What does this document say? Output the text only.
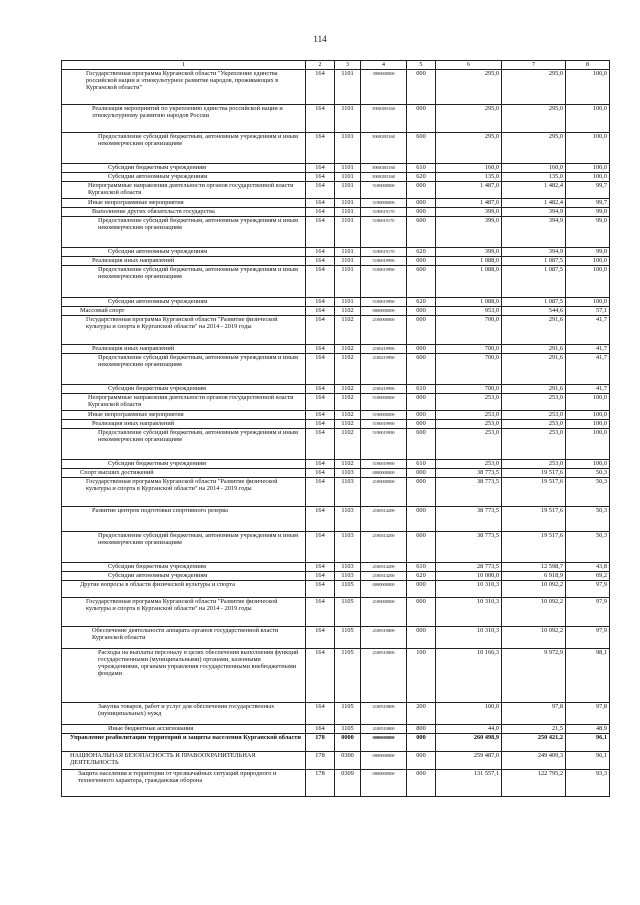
114
1	2	3	4	5	6	7	8
Государственная программа Курганской области "Укрепление единства российской нации и этнокультурное развитие народов, проживающих в Курганской области"	164	1101	3900000000	000	295,0	295,0	100,0
Реализация мероприятий по укреплению единства российской нации и этнокультурному развитию народов России	164	1101	39001R5160	000	295,0	295,0	100,0
Предоставление субсидий бюджетным, автономным учреждениям и иным некоммерческим организациям	164	1101	39001R5160	600	295,0	295,0	100,0
Субсидии бюджетным учреждениям	164	1101	39001R5160	610	160,0	160,0	100,0
Субсидии автономным учреждениям	164	1101	39001R5160	620	135,0	135,0	100,0
Непрограммные направления деятельности органов государственной власти Курганской области	164	1101	5100000000	000	1 487,0	1 482,4	99,7
Иные непрограммные мероприятия	164	1101	5190000000	000	1 487,0	1 482,4	99,7
Выполнение других обязательств государства	164	1101	5190019170	000	399,0	394,9	99,0
Предоставление субсидий бюджетным, автономным учреждениям и иным некоммерческим организациям	164	1101	5190019170	600	399,0	394,9	99,0
Субсидии автономным учреждениям	164	1101	5190019170	620	399,0	394,9	99,0
Реализация иных направлений	164	1101	5190019990	000	1 088,0	1 087,5	100,0
Предоставление субсидий бюджетным, автономным учреждениям и иным некоммерческим организациям	164	1101	5190019990	600	1 088,0	1 087,5	100,0
Субсидии автономным учреждениям	164	1101	5190019990	620	1 088,0	1 087,5	100,0
Массовый спорт	164	1102	0000000000	000	953,0	544,6	57,1
Государственная программа Курганской области "Развитие физической культуры и спорта в Курганской области" на 2014 - 2019 годы	164	1102	2100000000	000	700,0	291,6	41,7
Реализация иных направлений	164	1102	2100219990	000	700,0	291,6	41,7
Предоставление субсидий бюджетным, автономным учреждениям и иным некоммерческим организациям	164	1102	2100219990	600	700,0	291,6	41,7
Субсидии бюджетным учреждениям	164	1102	2100219990	610	700,0	291,6	41,7
Непрограммные направления деятельности органов государственной власти Курганской области	164	1102	5100000000	000	253,0	253,0	100,0
Иные непрограммные мероприятия	164	1102	5190000000	000	253,0	253,0	100,0
Реализация иных направлений	164	1102	5190019990	000	253,0	253,0	100,0
Предоставление субсидий бюджетным, автономным учреждениям и иным некоммерческим организациям	164	1102	5190019990	600	253,0	253,0	100,0
Субсидии бюджетным учреждениям	164	1102	5190019990	610	253,0	253,0	100,0
Спорт высших достижений	164	1103	0000000000	000	38 773,5	19 517,6	50,3
Государственная программа Курганской области "Развитие физической культуры и спорта в Курганской области" на 2014 - 2019 годы	164	1103	2100000000	000	38 773,5	19 517,6	50,3
Развитие центров подготовки спортивного резерва	164	1103	2100314200	000	38 773,5	19 517,6	50,3
Предоставление субсидий бюджетным, автономным учреждениям и иным некоммерческим организациям	164	1103	2100314200	600	38 773,5	19 517,6	50,3
Субсидии бюджетным учреждениям	164	1103	2100314200	610	28 773,5	12 598,7	43,8
Субсидии автономным учреждениям	164	1103	2100314200	620	10 000,0	6 918,9	69,2
Другие вопросы в области физической культуры и спорта	164	1105	0000000000	000	10 310,3	10 092,2	97,9
Государственная программа Курганской области "Развитие физической культуры и спорта в Курганской области" на 2014 - 2019 годы	164	1105	2100000000	000	10 310,3	10 092,2	97,9
Обеспечение деятельности аппарата органов государственной власти Курганской области	164	1105	2100510800	000	10 310,3	10 092,2	97,9
Расходы на выплаты персоналу в целях обеспечения выполнения функций государственными (муниципальными) органами, казенными учреждениями, органами управления государственными внебюджетными фондами	164	1105	2100510800	100	10 166,3	9 972,9	98,1
Закупка товаров, работ и услуг для обеспечения государственных (муниципальных) нужд	164	1105	2100510800	200	100,0	97,8	97,8
Иные бюджетные ассигнования	164	1105	2100510800	800	44,0	21,5	48,9
Управление реабилитации территорий и защиты населения Курганской области	178	0000	0000000000	000	260 498,9	250 421,2	96,1
НАЦИОНАЛЬНАЯ БЕЗОПАСНОСТЬ И ПРАВООХРАНИТЕЛЬНАЯ ДЕЯТЕЛЬНОСТЬ	178	0300	0000000000	000	259 487,0	249 409,3	96,1
Защита населения и территории от чрезвычайных ситуаций природного и техногенного характера, гражданская оборона	178	0309	0000000000	000	131 557,1	122 795,2	93,3
